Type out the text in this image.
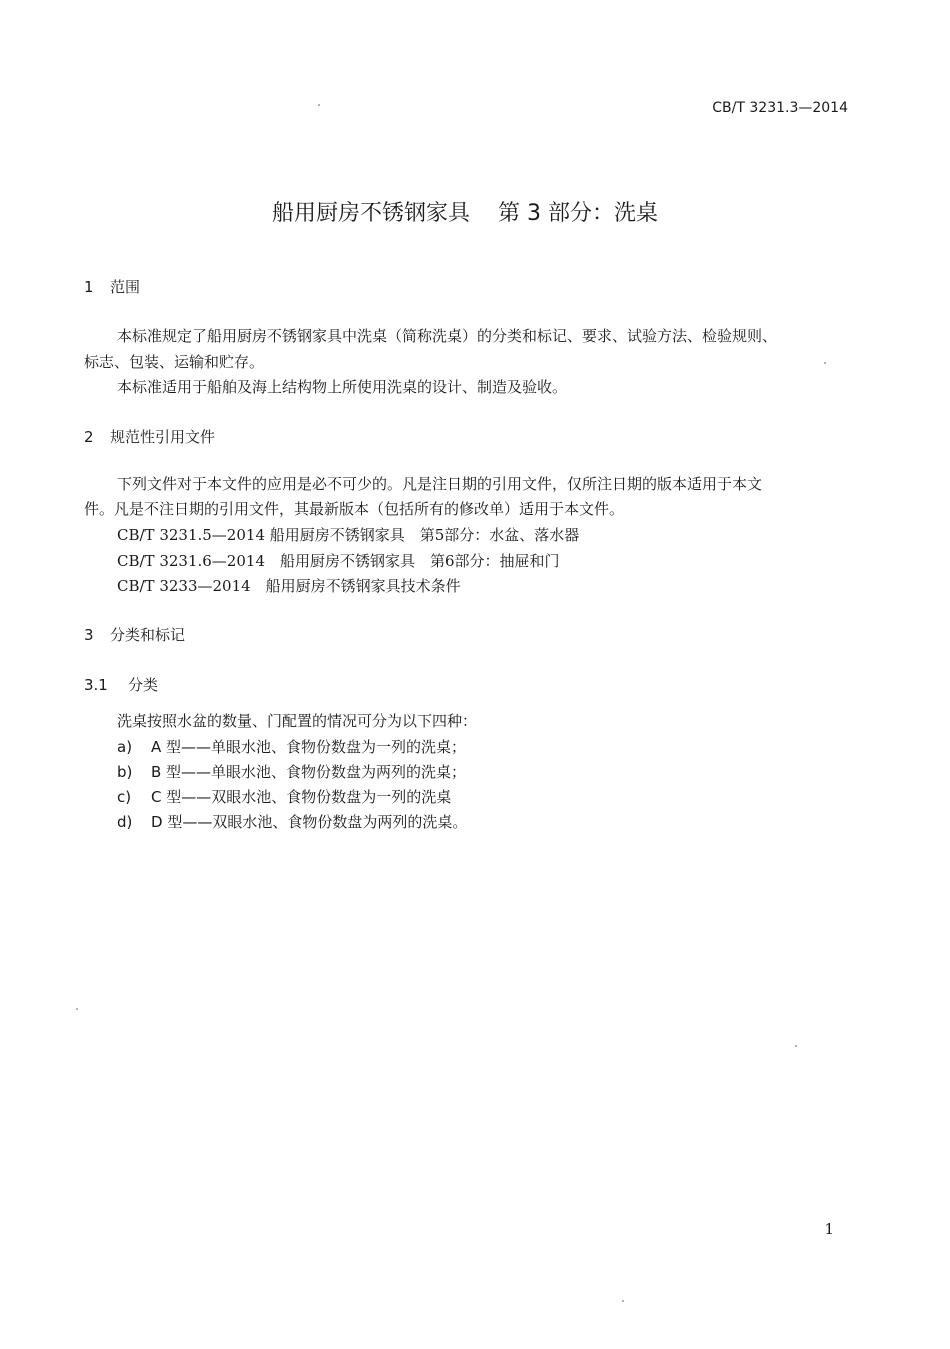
CB/T 3231.3—2014
船用厨房不锈钢家具 第 3 部分：洗桌
1 范围
本标准规定了船用厨房不锈钢家具中洗桌（简称洗桌）的分类和标记、要求、试验方法、检验规则、
标志、包装、运输和贮存。
本标准适用于船舶及海上结构物上所使用洗桌的设计、制造及验收。
2 规范性引用文件
下列文件对于本文件的应用是必不可少的。凡是注日期的引用文件，仅所注日期的版本适用于本文
件。凡是不注日期的引用文件，其最新版本（包括所有的修改单）适用于本文件。
CB/T 3231.5—2014 船用厨房不锈钢家具　第5部分：水盆、落水器
CB/T 3231.6—2014　船用厨房不锈钢家具　第6部分：抽屉和门
CB/T 3233—2014　船用厨房不锈钢家具技术条件
3 分类和标记
3.1 分类
洗桌按照水盆的数量、门配置的情况可分为以下四种：
a) A 型——单眼水池、食物份数盘为一列的洗桌；
b) B 型——单眼水池、食物份数盘为两列的洗桌；
c) C 型——双眼水池、食物份数盘为一列的洗桌
d) D 型——双眼水池、食物份数盘为两列的洗桌。
1
